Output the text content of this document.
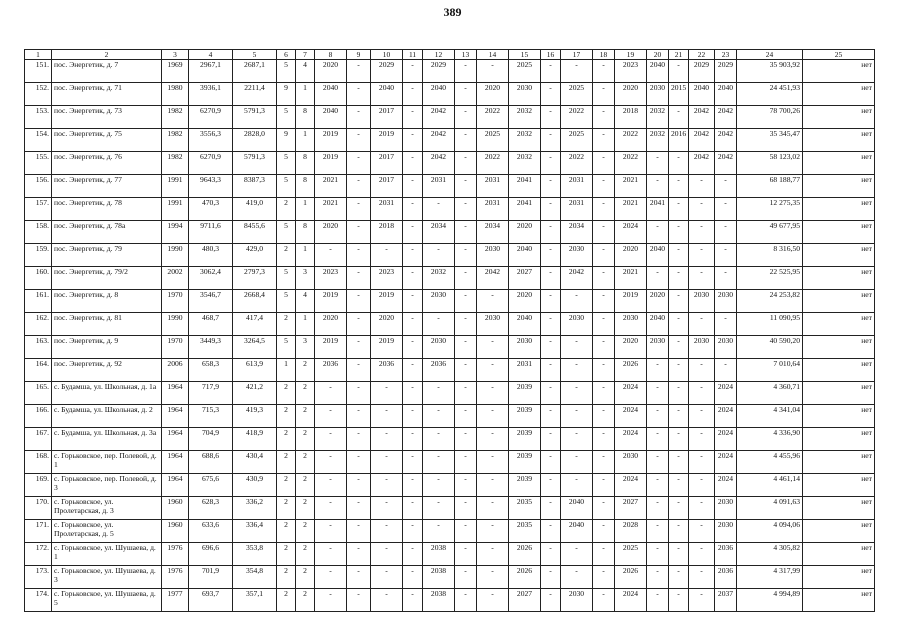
389
1	2	3	4	5	6	7	8	9	10	11	12	13	14	15	16	17	18	19	20	21	22	23	24	25
151.	пос. Энергетик, д. 7	1969	2967,1	2687,1	5	4	2020	-	2029	-	2029	-	-	2025	-	-	-	2023	2040	-	2029	2029	35 903,92	нет
152.	пос. Энергетик, д. 71	1980	3936,1	2211,4	9	1	2040	-	2040	-	2040	-	2020	2030	-	2025	-	2020	2030	2015	2040	2040	24 451,93	нет
153.	пос. Энергетик, д. 73	1982	6270,9	5791,3	5	8	2040	-	2017	-	2042	-	2022	2032	-	2022	-	2018	2032	-	2042	2042	78 700,26	нет
154.	пос. Энергетик, д. 75	1982	3556,3	2828,0	9	1	2019	-	2019	-	2042	-	2025	2032	-	2025	-	2022	2032	2016	2042	2042	35 345,47	нет
155.	пос. Энергетик, д. 76	1982	6270,9	5791,3	5	8	2019	-	2017	-	2042	-	2022	2032	-	2022	-	2022	-	-	2042	2042	58 123,02	нет
156.	пос. Энергетик, д. 77	1991	9643,3	8387,3	5	8	2021	-	2017	-	2031	-	2031	2041	-	2031	-	2021	-	-	-	-	68 188,77	нет
157.	пос. Энергетик, д. 78	1991	470,3	419,0	2	1	2021	-	2031	-	-	-	2031	2041	-	2031	-	2021	2041	-	-	-	12 275,35	нет
158.	пос. Энергетик, д. 78а	1994	9711,6	8455,6	5	8	2020	-	2018	-	2034	-	2034	2020	-	2034	-	2024	-	-	-	-	49 677,95	нет
159.	пос. Энергетик, д. 79	1990	480,3	429,0	2	1	-	-	-	-	-	-	2030	2040	-	2030	-	2020	2040	-	-	-	8 316,50	нет
160.	пос. Энергетик, д. 79/2	2002	3062,4	2797,3	5	3	2023	-	2023	-	2032	-	2042	2027	-	2042	-	2021	-	-	-	-	22 525,95	нет
161.	пос. Энергетик, д. 8	1970	3546,7	2668,4	5	4	2019	-	2019	-	2030	-	-	2020	-	-	-	2019	2020	-	2030	2030	24 253,82	нет
162.	пос. Энергетик, д. 81	1990	468,7	417,4	2	1	2020	-	2020	-	-	-	2030	2040	-	2030	-	2030	2040	-	-	-	11 090,95	нет
163.	пос. Энергетик, д. 9	1970	3449,3	3264,5	5	3	2019	-	2019	-	2030	-	-	2030	-	-	-	2020	2030	-	2030	2030	40 590,20	нет
164.	пос. Энергетик, д. 92	2006	658,3	613,9	1	2	2036	-	2036	-	2036	-	-	2031	-	-	-	2026	-	-	-	-	7 010,64	нет
165.	с. Будамша, ул. Школьная, д. 1а	1964	717,9	421,2	2	2	-	-	-	-	-	-	-	2039	-	-	-	2024	-	-	-	2024	4 360,71	нет
166.	с. Будамша, ул. Школьная, д. 2	1964	715,3	419,3	2	2	-	-	-	-	-	-	-	2039	-	-	-	2024	-	-	-	2024	4 341,04	нет
167.	с. Будамша, ул. Школьная, д. 3а	1964	704,9	418,9	2	2	-	-	-	-	-	-	-	2039	-	-	-	2024	-	-	-	2024	4 336,90	нет
168.	с. Горьковское, пер. Полевой, д. 1	1964	688,6	430,4	2	2	-	-	-	-	-	-	-	2039	-	-	-	2030	-	-	-	2024	4 455,96	нет
169.	с. Горьковское, пер. Полевой, д. 3	1964	675,6	430,9	2	2	-	-	-	-	-	-	-	2039	-	-	-	2024	-	-	-	2024	4 461,14	нет
170.	с. Горьковское, ул. Пролетарская, д. 3	1960	628,3	336,2	2	2	-	-	-	-	-	-	-	2035	-	2040	-	2027	-	-	-	2030	4 091,63	нет
171.	с. Горьковское, ул. Пролетарская, д. 5	1960	633,6	336,4	2	2	-	-	-	-	-	-	-	2035	-	2040	-	2028	-	-	-	2030	4 094,06	нет
172.	с. Горьковское, ул. Шушаева, д. 1	1976	696,6	353,8	2	2	-	-	-	-	2038	-	-	2026	-	-	-	2025	-	-	-	2036	4 305,82	нет
173.	с. Горьковское, ул. Шушаева, д. 3	1976	701,9	354,8	2	2	-	-	-	-	2038	-	-	2026	-	-	-	2026	-	-	-	2036	4 317,99	нет
174.	с. Горьковское, ул. Шушаева, д. 5	1977	693,7	357,1	2	2	-	-	-	-	2038	-	-	2027	-	2030	-	2024	-	-	-	2037	4 994,89	нет
